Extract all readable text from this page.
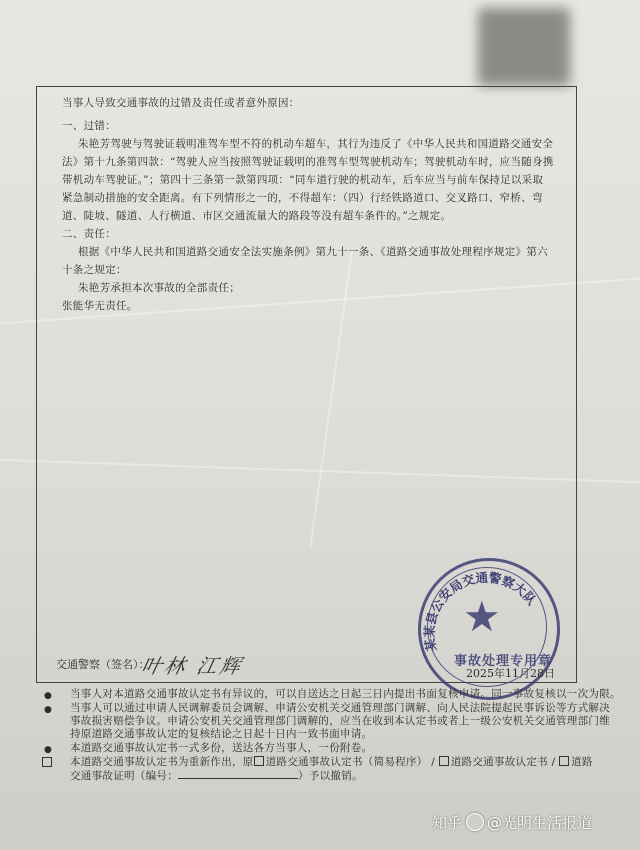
当事人导致交通事故的过错及责任或者意外原因：
一、过错：
朱艳芳驾驶与驾驶证载明准驾车型不符的机动车超车，其行为违反了《中华人民共和国道路交通安全
法》第十九条第四款：“驾驶人应当按照驾驶证载明的准驾车型驾驶机动车；驾驶机动车时，应当随身携
带机动车驾驶证。”；第四十三条第一款第四项：“同车道行驶的机动车，后车应当与前车保持足以采取
紧急制动措施的安全距离。有下列情形之一的，不得超车：（四）行经铁路道口、交叉路口、窄桥、弯
道、陡坡、隧道、人行横道、市区交通流量大的路段等没有超车条件的。”之规定。
二、责任：
根据《中华人民共和国道路交通安全法实施条例》第九十一条、《道路交通事故处理程序规定》第六
十条之规定：
朱艳芳承担本次事故的全部责任；
张能华无责任。
交通警察（签名）：
叶林 江辉
某某县公安局交通警察大队
★
事故处理专用章
2025年11月28日
● 当事人对本道路交通事故认定书有异议的，可以自送达之日起三日内提出书面复核申请。同一事故复核以一次为限。
● 当事人可以通过申请人民调解委员会调解、申请公安机关交通管理部门调解、向人民法院提起民事诉讼等方式解决
事故损害赔偿争议。申请公安机关交通管理部门调解的，应当在收到本认定书或者上一级公安机关交通管理部门维
持原道路交通事故认定的复核结论之日起十日内一致书面申请。
● 本道路交通事故认定书一式多份，送达各方当事人，一份附卷。
本道路交通事故认定书为重新作出，原 道路交通事故认定书（简易程序） / 道路交通事故认定书 / 道路
交通事故证明（编号：	）予以撤销。
知乎 @光明生活报道
